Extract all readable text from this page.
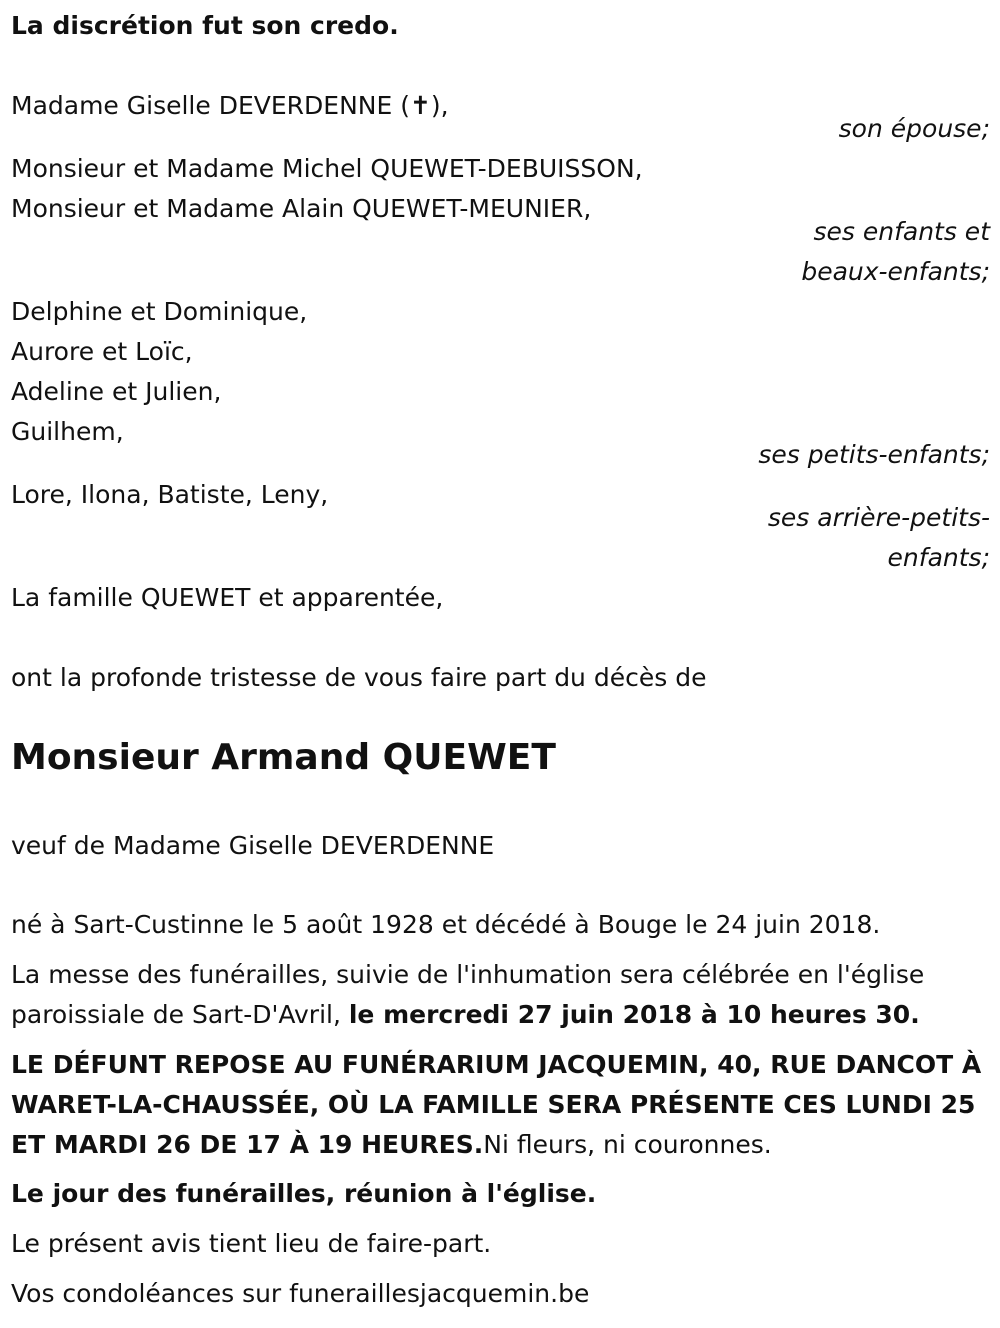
La discrétion fut son credo.

Madame Giselle DEVERDENNE (✝),

son épouse;

Monsieur et Madame Michel QUEWET-DEBUISSON,

Monsieur et Madame Alain QUEWET-MEUNIER,

ses enfants et

beaux-enfants;

Delphine et Dominique,

Aurore et Loïc,

Adeline et Julien,

Guilhem,

ses petits-enfants;

Lore, Ilona, Batiste, Leny,

ses arrière-petits-

enfants;

La famille QUEWET et apparentée,

ont la profonde tristesse de vous faire part du décès de

Monsieur Armand QUEWET

veuf de Madame Giselle DEVERDENNE

né à Sart-Custinne le 5 août 1928 et décédé à Bouge le 24 juin 2018.

La messe des funérailles, suivie de l'inhumation sera célébrée en l'église paroissiale de Sart-D'Avril, le mercredi 27 juin 2018 à 10 heures 30.

LE DÉFUNT REPOSE AU FUNÉRARIUM JACQUEMIN, 40, RUE DANCOT À WARET-LA-CHAUSSÉE, OÙ LA FAMILLE SERA PRÉSENTE CES LUNDI 25 ET MARDI 26 DE 17 À 19 HEURES.Ni fleurs, ni couronnes.

Le jour des funérailles, réunion à l'église.

Le présent avis tient lieu de faire-part.

Vos condoléances sur funeraillesjacquemin.be
